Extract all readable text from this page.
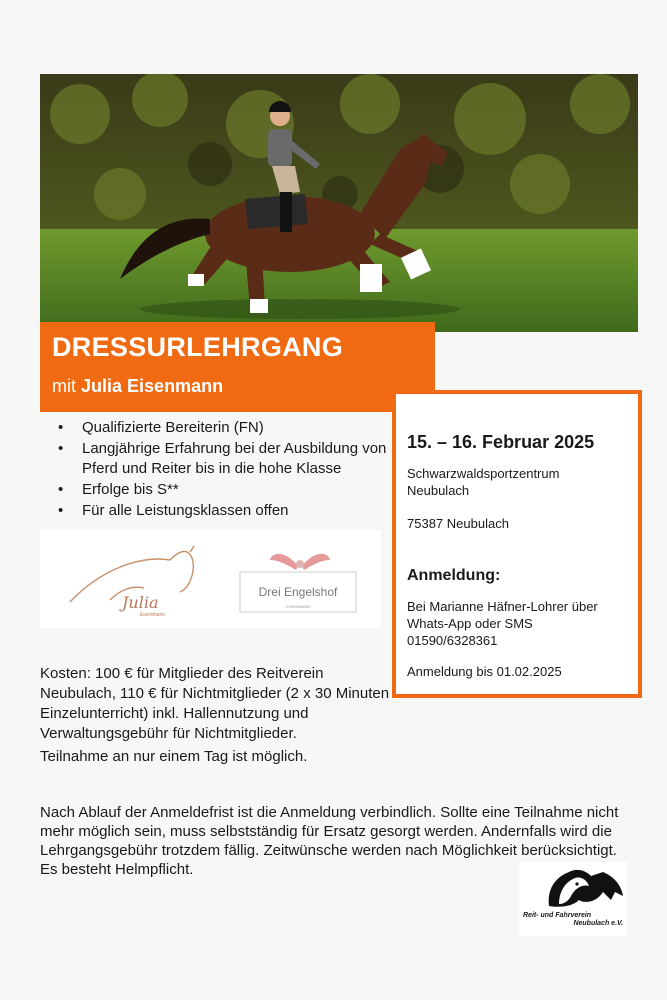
DRESSURLEHRGANG
mit Julia Eisenmann
• Qualifizierte Bereiterin (FN)
• Langjährige Erfahrung bei der Ausbildung von Pferd und Reiter bis in die hohe Klasse
• Erfolge bis S**
• Für alle Leistungsklassen offen
Julia
Eisenmann
Drei Engelshof
EISENMANN
15. – 16. Februar 2025
Schwarzwaldsportzentrum
Neubulach
75387 Neubulach
Anmeldung:
Bei Marianne Häfner-Lohrer über
Whats-App oder SMS
01590/6328361
Anmeldung bis 01.02.2025
Kosten: 100 € für Mitglieder des Reitverein Neubulach, 110 € für Nichtmitglieder (2 x 30 Minuten Einzelunterricht) inkl. Hallennutzung und Verwaltungsgebühr für Nichtmitglieder.
Teilnahme an nur einem Tag ist möglich.
Nach Ablauf der Anmeldefrist ist die Anmeldung verbindlich. Sollte eine Teilnahme nicht mehr möglich sein, muss selbstständig für Ersatz gesorgt werden. Andernfalls wird die Lehrgangsgebühr trotzdem fällig. Zeitwünsche werden nach Möglichkeit berücksichtigt. Es besteht Helmpflicht.
Reit- und Fahrverein
Neubulach e.V.
